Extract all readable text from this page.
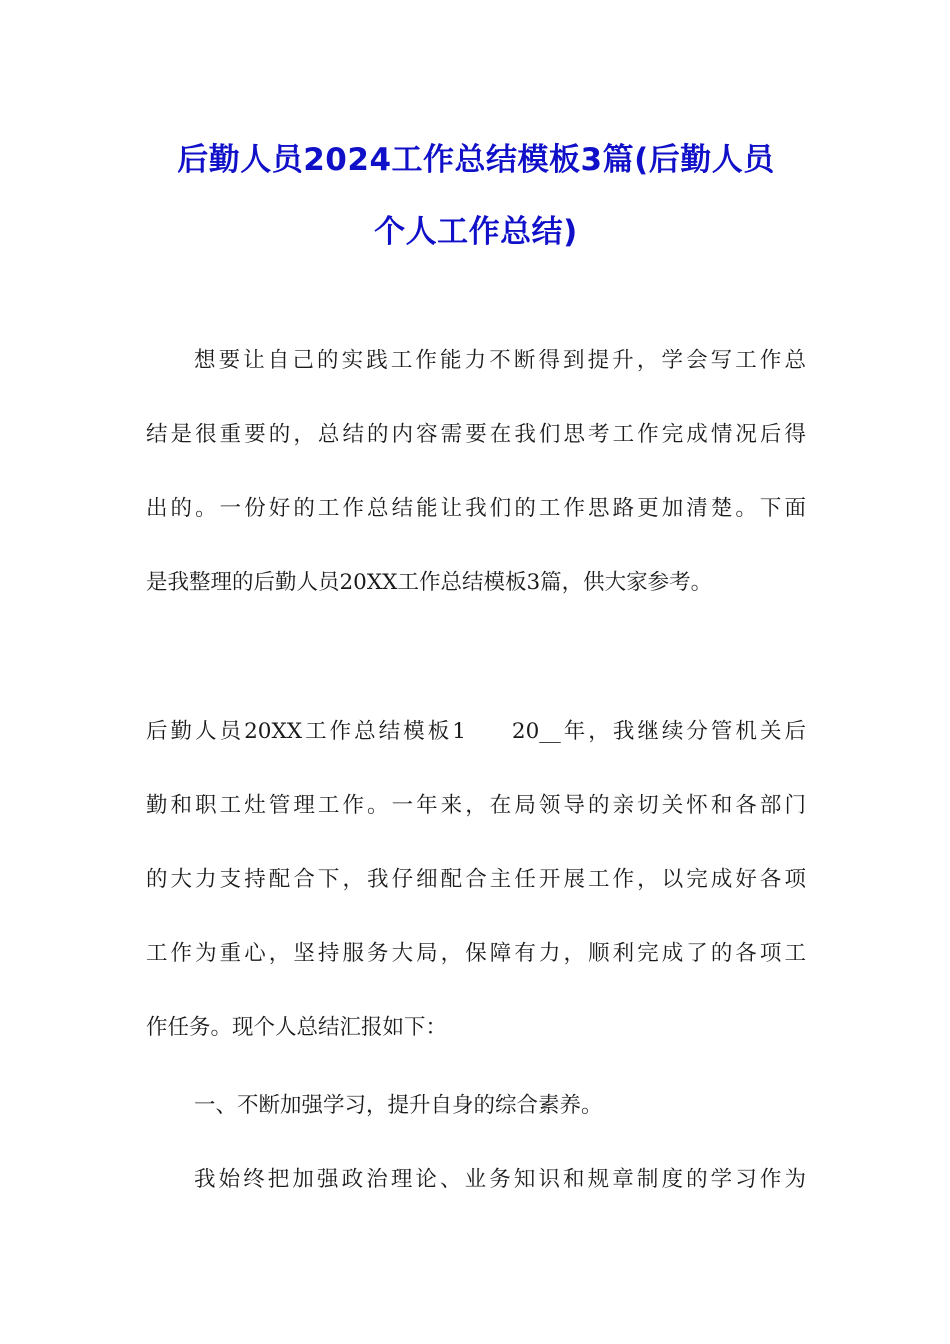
后勤人员2024工作总结模板3篇(后勤人员
个人工作总结)
想要让自己的实践工作能力不断得到提升，学会写工作总
结是很重要的，总结的内容需要在我们思考工作完成情况后得
出的。一份好的工作总结能让我们的工作思路更加清楚。下面
是我整理的后勤人员20XX工作总结模板3篇，供大家参考。
后勤人员20XX工作总结模板1 20__年，我继续分管机关后
勤和职工灶管理工作。一年来，在局领导的亲切关怀和各部门
的大力支持配合下，我仔细配合主任开展工作，以完成好各项
工作为重心，坚持服务大局，保障有力，顺利完成了的各项工
作任务。现个人总结汇报如下：
一、不断加强学习，提升自身的综合素养。
我始终把加强政治理论、业务知识和规章制度的学习作为
